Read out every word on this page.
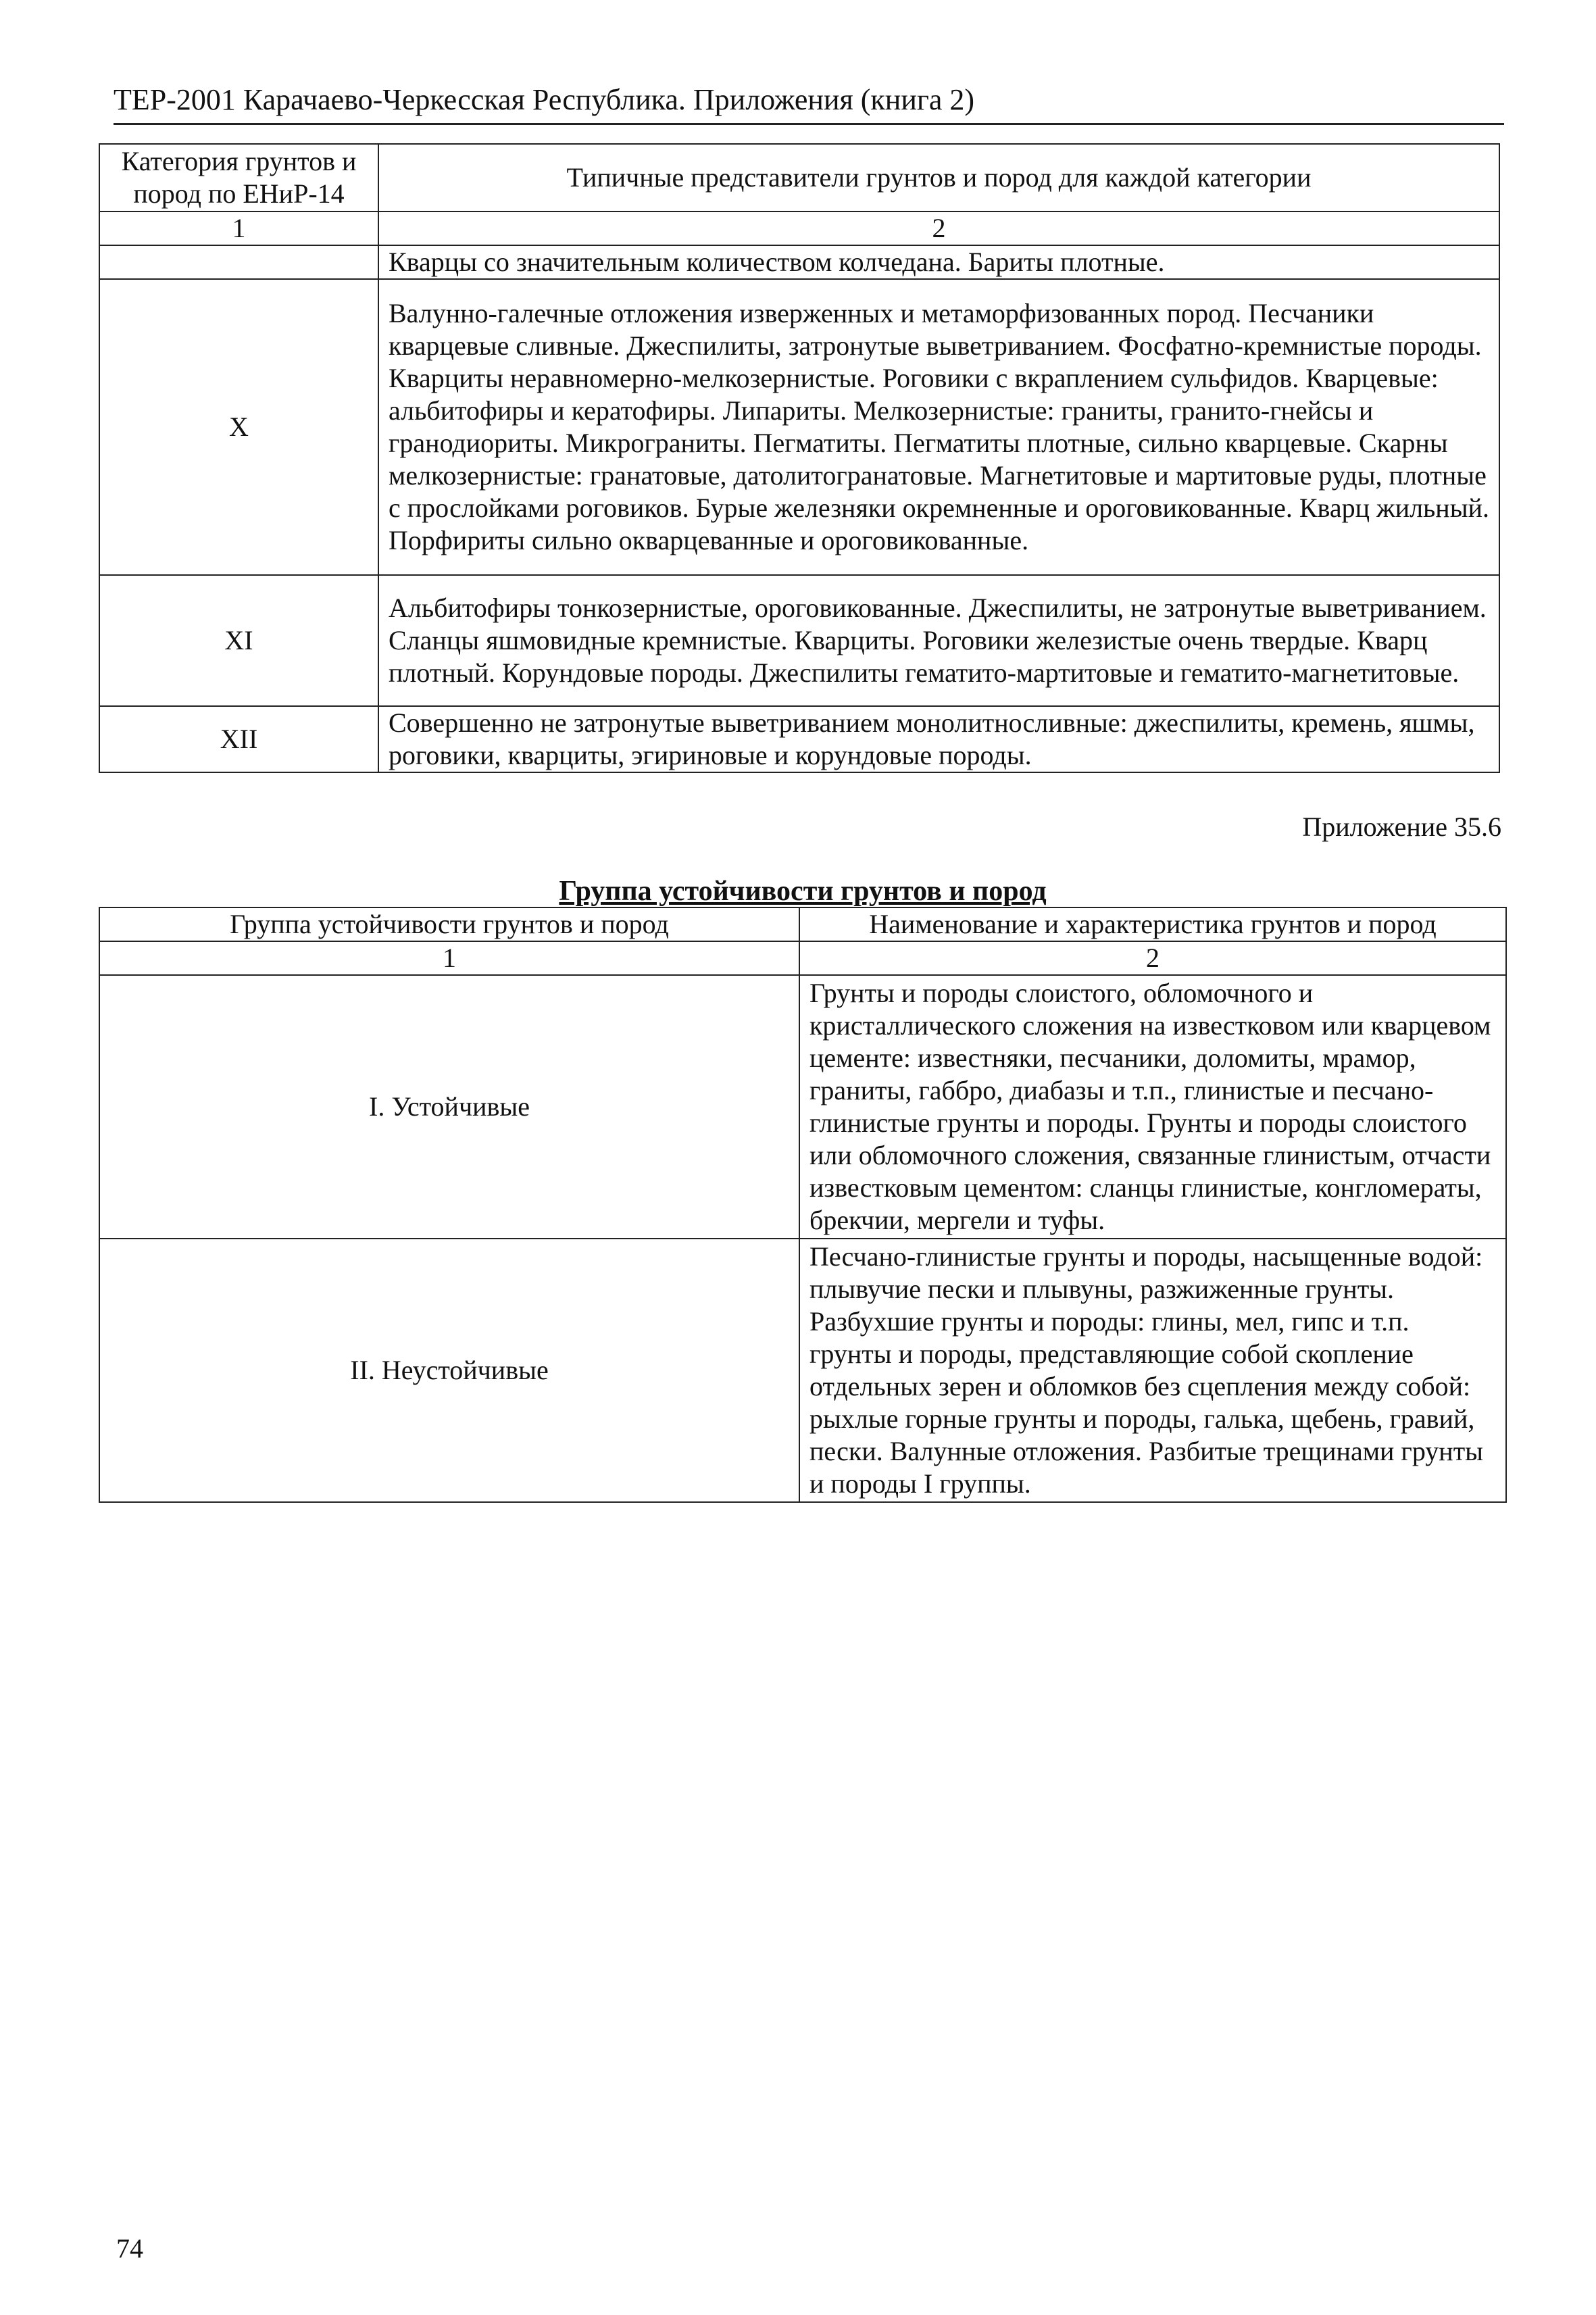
ТЕР-2001 Карачаево-Черкесская Республика. Приложения (книга 2)
Категория грунтов и пород по ЕНиР-14	Типичные представители грунтов и пород для каждой категории
1	2
	Кварцы со значительным количеством колчедана. Бариты плотные.
X	Валунно-галечные отложения изверженных и метаморфизованных пород. Песчаники кварцевые сливные. Джеспилиты, затронутые выветриванием. Фосфатно-кремнистые породы. Кварциты неравномерно-мелкозернистые. Роговики с вкраплением сульфидов. Кварцевые: альбитофиры и кератофиры. Липариты. Мелкозернистые: граниты, гранито-гнейсы и гранодиориты. Микрограниты. Пегматиты. Пегматиты плотные, сильно кварцевые. Скарны мелкозернистые: гранатовые, датолитогранатовые. Магнетитовые и мартитовые руды, плотные с прослойками роговиков. Бурые железняки окремненные и ороговикованные. Кварц жильный. Порфириты сильно окварцеванные и ороговикованные.
XI	Альбитофиры тонкозернистые, ороговикованные. Джеспилиты, не затронутые выветриванием. Сланцы яшмовидные кремнистые. Кварциты. Роговики железистые очень твердые. Кварц плотный. Корундовые породы. Джеспилиты гематито-мартитовые и гематито-магнетитовые.
XII	Совершенно не затронутые выветриванием монолитносливные: джеспилиты, кремень, яшмы, роговики, кварциты, эгириновые и корундовые породы.
Приложение 35.6
Группа устойчивости грунтов и пород
Группа устойчивости грунтов и пород	Наименование и характеристика грунтов и пород
1	2
I. Устойчивые	Грунты и породы слоистого, обломочного и кристаллического сложения на известковом или кварцевом цементе: известняки, песчаники, доломиты, мрамор, граниты, габбро, диабазы и т.п., глинистые и песчано-глинистые грунты и породы. Грунты и породы слоистого или обломочного сложения, связанные глинистым, отчасти известковым цементом: сланцы глинистые, конгломераты, брекчии, мергели и туфы.
II. Неустойчивые	Песчано-глинистые грунты и породы, насыщенные водой: плывучие пески и плывуны, разжиженные грунты. Разбухшие грунты и породы: глины, мел, гипс и т.п. грунты и породы, представляющие собой скопление отдельных зерен и обломков без сцепления между собой: рыхлые горные грунты и породы, галька, щебень, гравий, пески. Валунные отложения. Разбитые трещинами грунты и породы I группы.
74
